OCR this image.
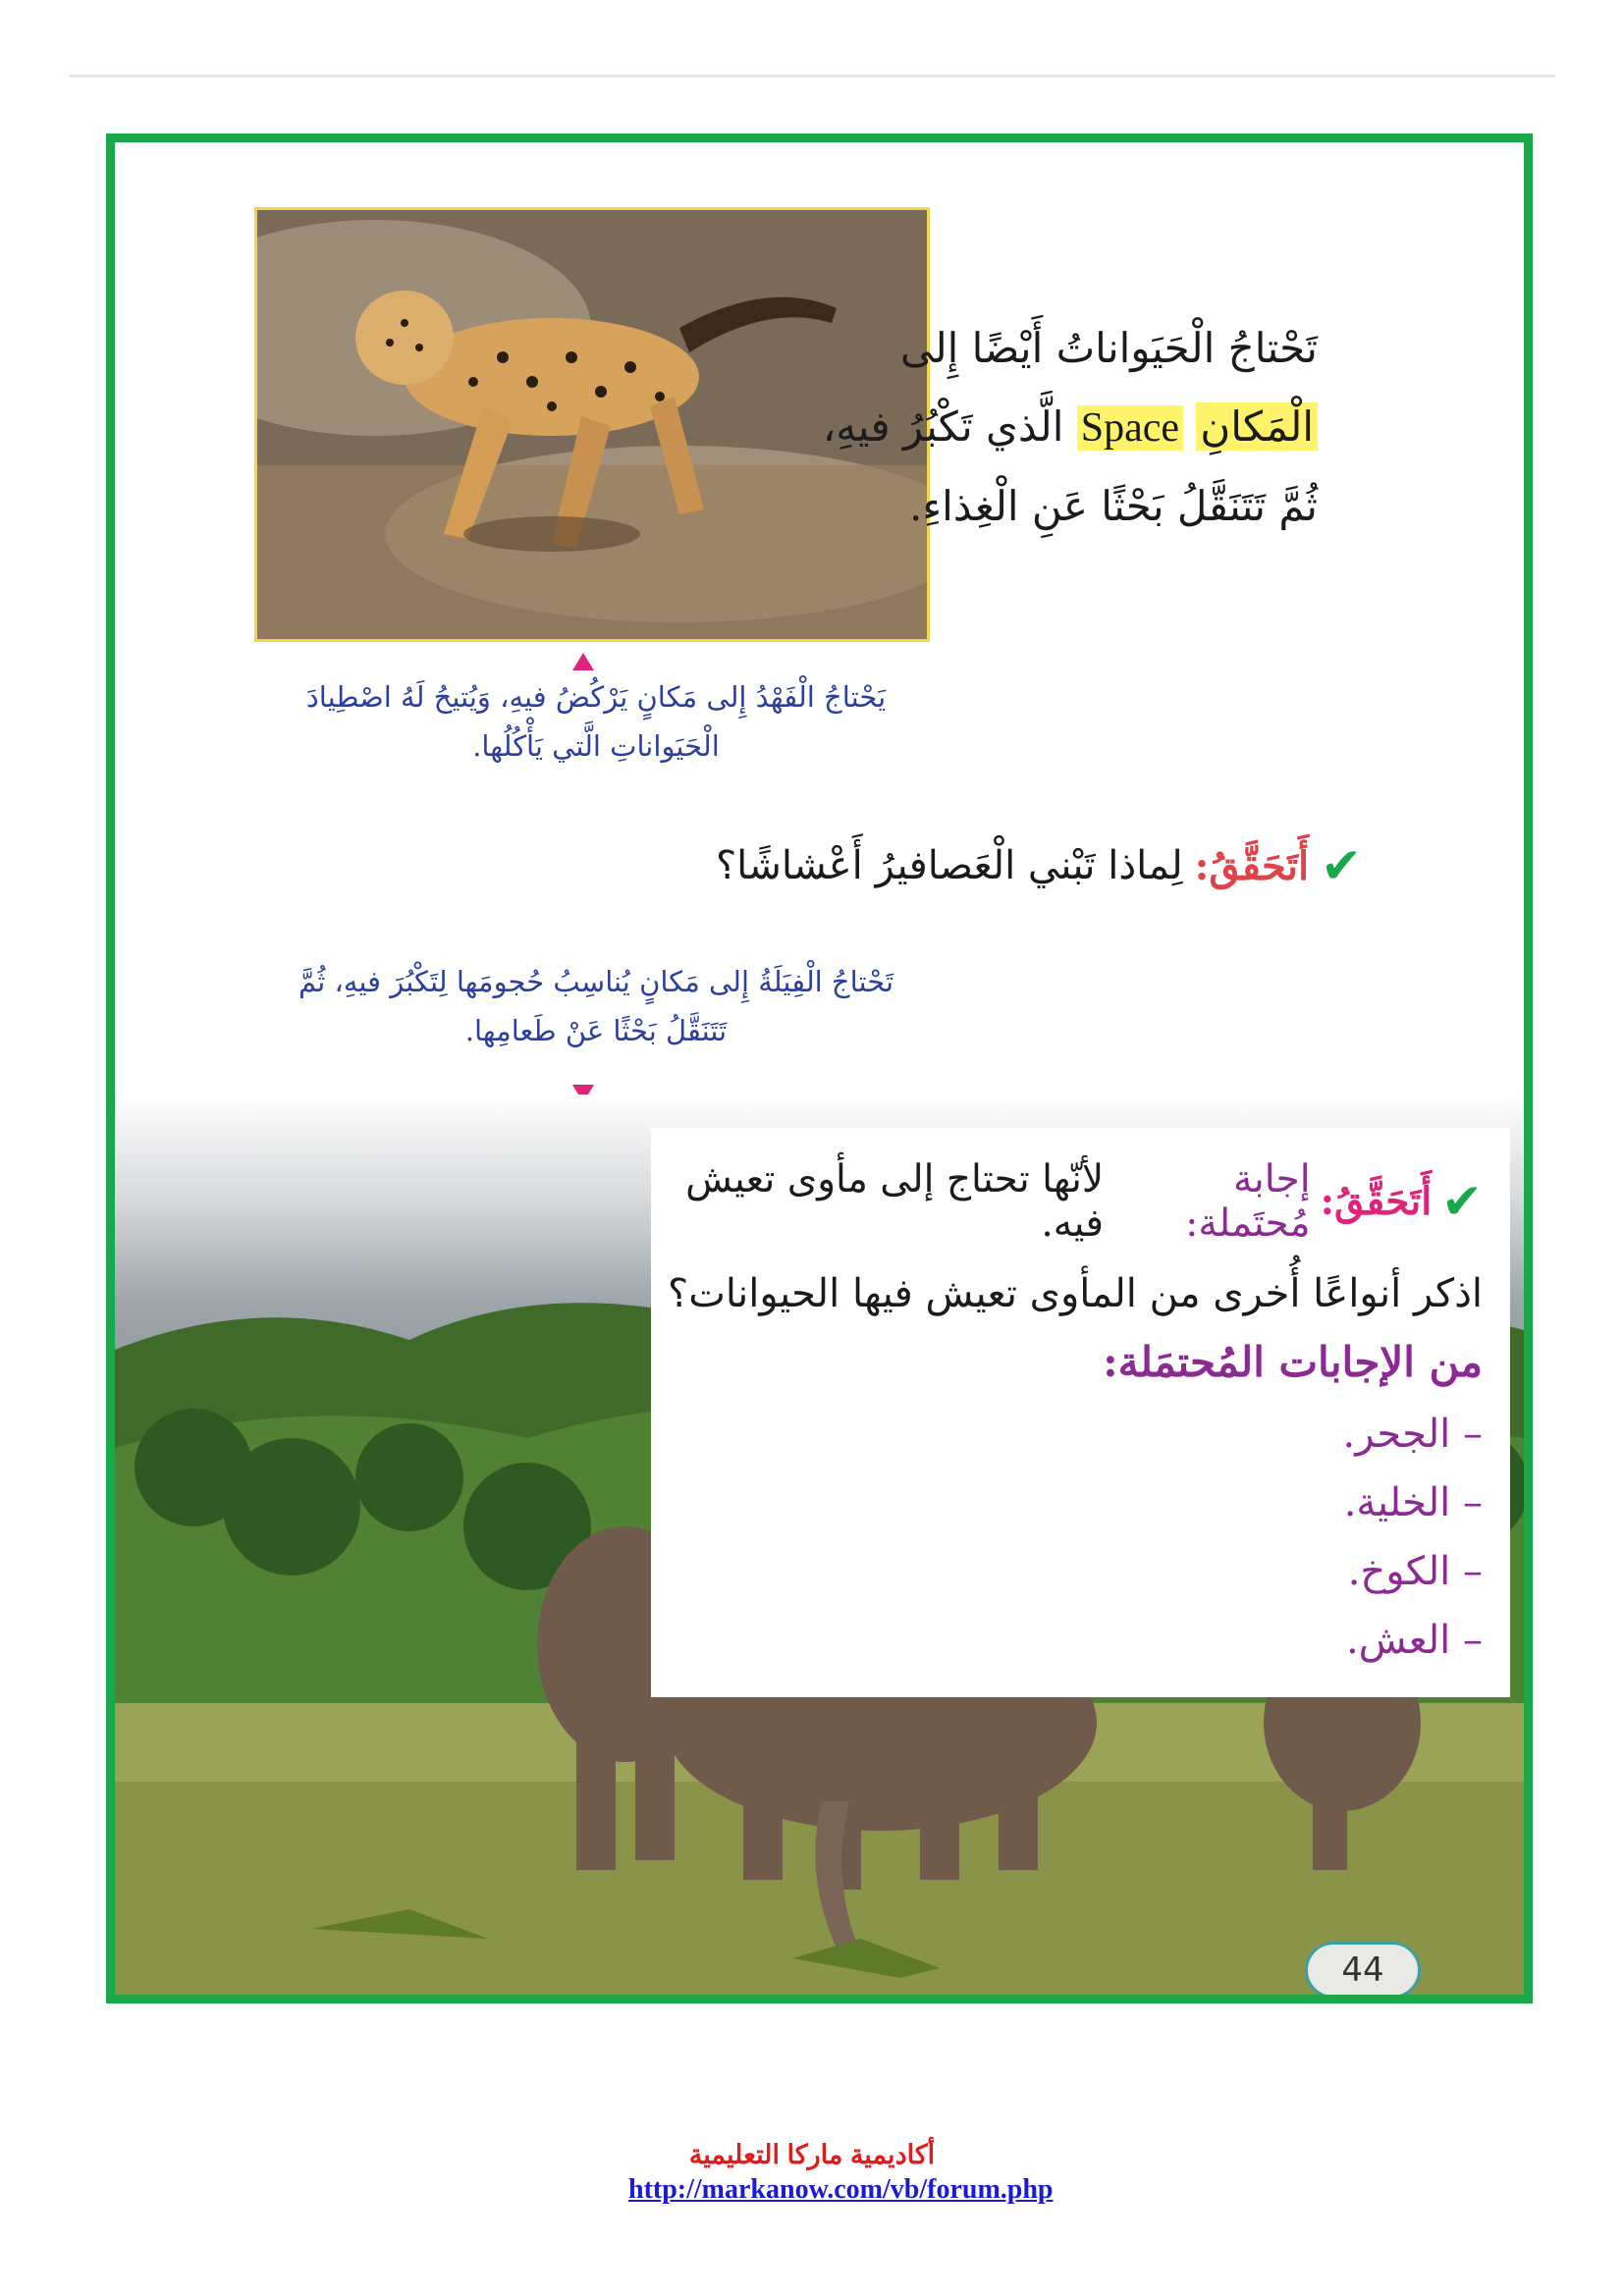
تَحْتاجُ الْحَيَواناتُ أَيْضًا إِلى
الْمَكانِ Space الَّذي تَكْبُرُ فيهِ،
ثُمَّ تَتَنَقَّلُ بَحْثًا عَنِ الْغِذاءِ.
يَحْتاجُ الْفَهْدُ إِلى مَكانٍ يَرْكُضُ فيهِ، وَيُتيحُ لَهُ اصْطِيادَ
الْحَيَواناتِ الَّتي يَأْكُلُها.
✔
أَتَحَقَّقُ:
لِماذا تَبْني الْعَصافيرُ أَعْشاشًا؟
تَحْتاجُ الْفِيَلَةُ إِلى مَكانٍ يُناسِبُ حُجومَها لِتَكْبُرَ فيهِ، ثُمَّ
تَتَنَقَّلُ بَحْثًا عَنْ طَعامِها.
✔
أَتَحَقَّقُ:
إجابة مُحتَملة:
لأنّها تحتاج إلى مأوى تعيش فيه.
اذكر أنواعًا أُخرى من المأوى تعيش فيها الحيوانات؟
من الإجابات المُحتمَلة:
– الجحر.
– الخلية.
– الكوخ.
– العش.
44
أكاديمية ماركا التعليمية
http://markanow.com/vb/forum.php
